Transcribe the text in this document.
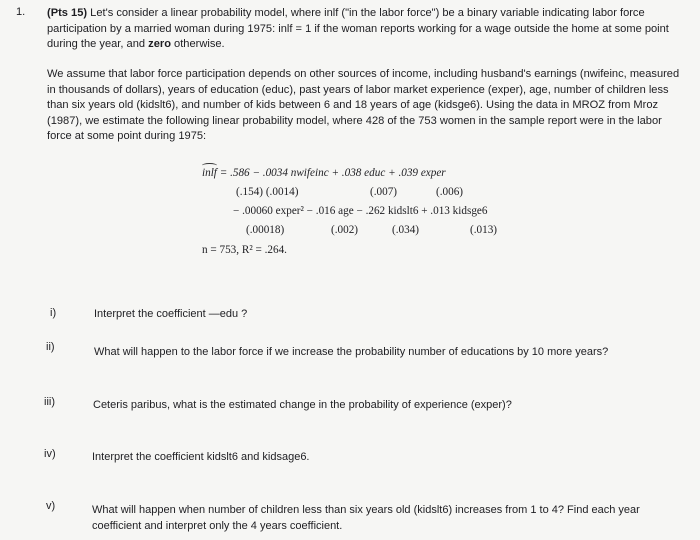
1. (Pts 15) Let's consider a linear probability model, where inlf ("in the labor force") be a binary variable indicating labor force participation by a married woman during 1975: inlf = 1 if the woman reports working for a wage outside the home at some point during the year, and zero otherwise.
We assume that labor force participation depends on other sources of income, including husband's earnings (nwifeinc, measured in thousands of dollars), years of education (educ), past years of labor market experience (exper), age, number of children less than six years old (kidslt6), and number of kids between 6 and 18 years of age (kidsge6). Using the data in MROZ from Mroz (1987), we estimate the following linear probability model, where 428 of the 753 women in the sample report were in the labor force at some point during 1975:
inlf = .586 − .0034 nwifeinc + .038 educ + .039 exper
(.154) (.0014)	(.007)	(.006)
− .00060 exper² − .016 age − .262 kidslt6 + .013 kidsge6
(.00018)	(.002)	(.034)	(.013)
n = 753, R² = .264.
i)	Interpret the coefficient —edu ?
ii)	What will happen to the labor force if we increase the probability number of educations by 10 more years?
iii)	Ceteris paribus, what is the estimated change in the probability of experience (exper)?
iv)	Interpret the coefficient kidslt6 and kidsage6.
v)	What will happen when number of children less than six years old (kidslt6) increases from 1 to 4? Find each year coefficient and interpret only the 4 years coefficient.
